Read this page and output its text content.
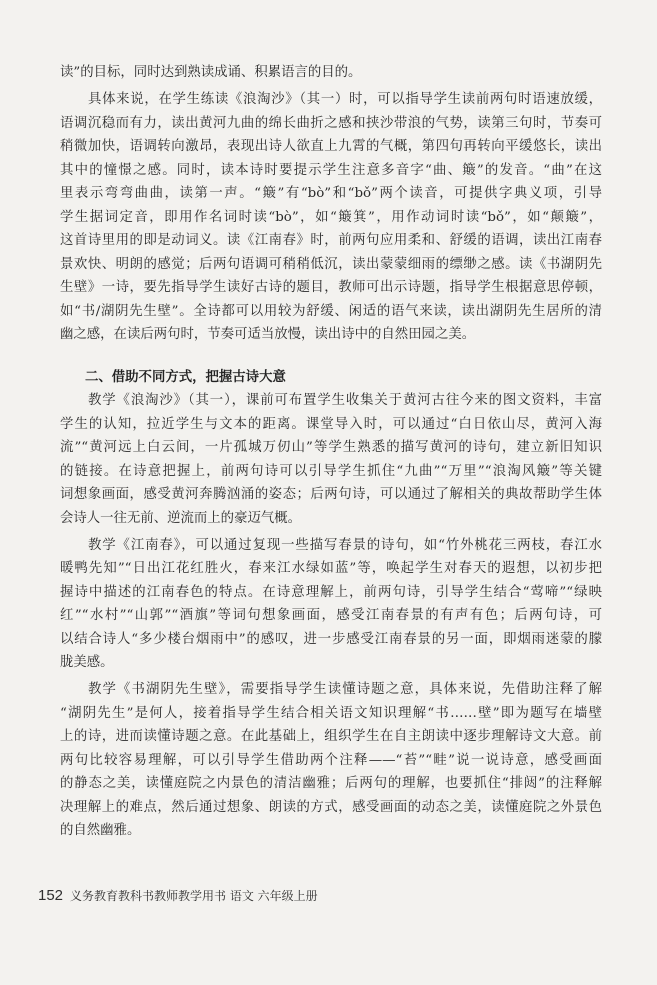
读”的目标，同时达到熟读成诵、积累语言的目的。
具体来说，在学生练读《浪淘沙》（其一）时，可以指导学生读前两句时语速放缓，
语调沉稳而有力，读出黄河九曲的绵长曲折之感和挟沙带浪的气势，读第三句时，节奏可
稍微加快，语调转向激昂，表现出诗人欲直上九霄的气概，第四句再转向平缓悠长，读出
其中的憧憬之感。同时，读本诗时要提示学生注意多音字“曲、簸”的发音。“曲”在这
里表示弯弯曲曲，读第一声。“簸”有“bò”和“bǒ”两个读音，可提供字典义项，引导
学生据词定音，即用作名词时读“bò”，如“簸箕”，用作动词时读“bǒ”，如“颠簸”，
这首诗里用的即是动词义。读《江南春》时，前两句应用柔和、舒缓的语调，读出江南春
景欢快、明朗的感觉；后两句语调可稍稍低沉，读出蒙蒙细雨的缥缈之感。读《书湖阴先
生壁》一诗，要先指导学生读好古诗的题目，教师可出示诗题，指导学生根据意思停顿，
如“书/湖阴先生壁”。全诗都可以用较为舒缓、闲适的语气来读，读出湖阴先生居所的清
幽之感，在读后两句时，节奏可适当放慢，读出诗中的自然田园之美。
二、借助不同方式，把握古诗大意
教学《浪淘沙》（其一），课前可布置学生收集关于黄河古往今来的图文资料，丰富
学生的认知，拉近学生与文本的距离。课堂导入时，可以通过“白日依山尽，黄河入海
流”“黄河远上白云间，一片孤城万仞山”等学生熟悉的描写黄河的诗句，建立新旧知识
的链接。在诗意把握上，前两句诗可以引导学生抓住“九曲”“万里”“浪淘风簸”等关键
词想象画面，感受黄河奔腾汹涌的姿态；后两句诗，可以通过了解相关的典故帮助学生体
会诗人一往无前、逆流而上的豪迈气概。
教学《江南春》，可以通过复现一些描写春景的诗句，如“竹外桃花三两枝，春江水
暖鸭先知”“日出江花红胜火，春来江水绿如蓝”等，唤起学生对春天的遐想，以初步把
握诗中描述的江南春色的特点。在诗意理解上，前两句诗，引导学生结合“莺啼”“绿映
红”“水村”“山郭”“酒旗”等词句想象画面，感受江南春景的有声有色；后两句诗，可
以结合诗人“多少楼台烟雨中”的感叹，进一步感受江南春景的另一面，即烟雨迷蒙的朦
胧美感。
教学《书湖阴先生壁》，需要指导学生读懂诗题之意，具体来说，先借助注释了解
“湖阴先生”是何人，接着指导学生结合相关语文知识理解“书……壁”即为题写在墙壁
上的诗，进而读懂诗题之意。在此基础上，组织学生在自主朗读中逐步理解诗文大意。前
两句比较容易理解，可以引导学生借助两个注释——“苔”“畦”说一说诗意，感受画面
的静态之美，读懂庭院之内景色的清洁幽雅；后两句的理解，也要抓住“排闼”的注释解
决理解上的难点，然后通过想象、朗读的方式，感受画面的动态之美，读懂庭院之外景色
的自然幽雅。
152 义务教育教科书教师教学用书 语文 六年级上册
